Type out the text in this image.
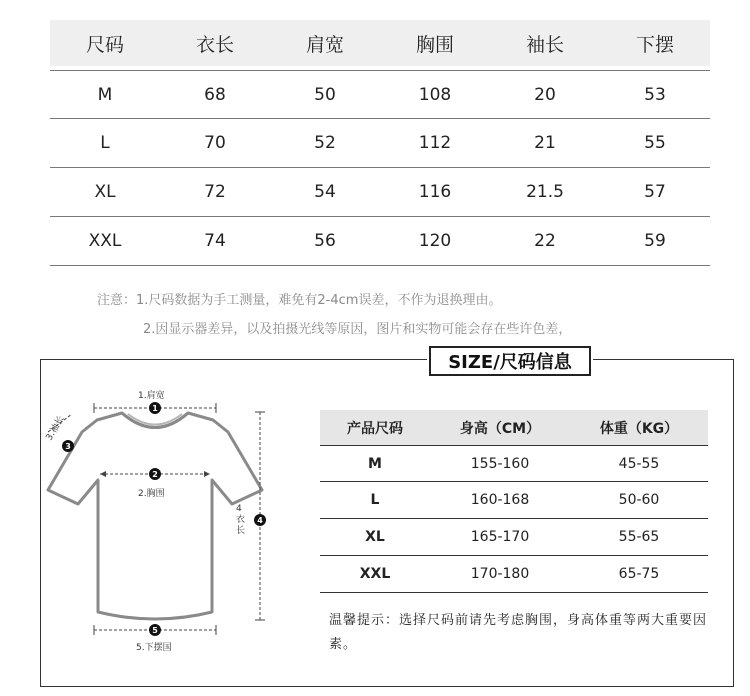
尺码	衣长	肩宽	胸围	袖长	下摆
M	68	50	108	20	53
L	70	52	112	21	55
XL	72	54	116	21.5	57
XXL	74	56	120	22	59
注意：1.尺码数据为手工测量，难免有2-4cm误差，不作为退换理由。
2.因显示器差异，以及拍摄光线等原因，图片和实物可能会存在些许色差，
SIZE/尺码信息
1
2
3
4
5
1.肩宽
2.胸围
3.袖长
4 衣 长
5.下摆国
产品尺码	身高（CM）	体重（KG）
M	155-160	45-55
L	160-168	50-60
XL	165-170	55-65
XXL	170-180	65-75
温馨提示：选择尺码前请先考虑胸围，身高体重等两大重要因素。
